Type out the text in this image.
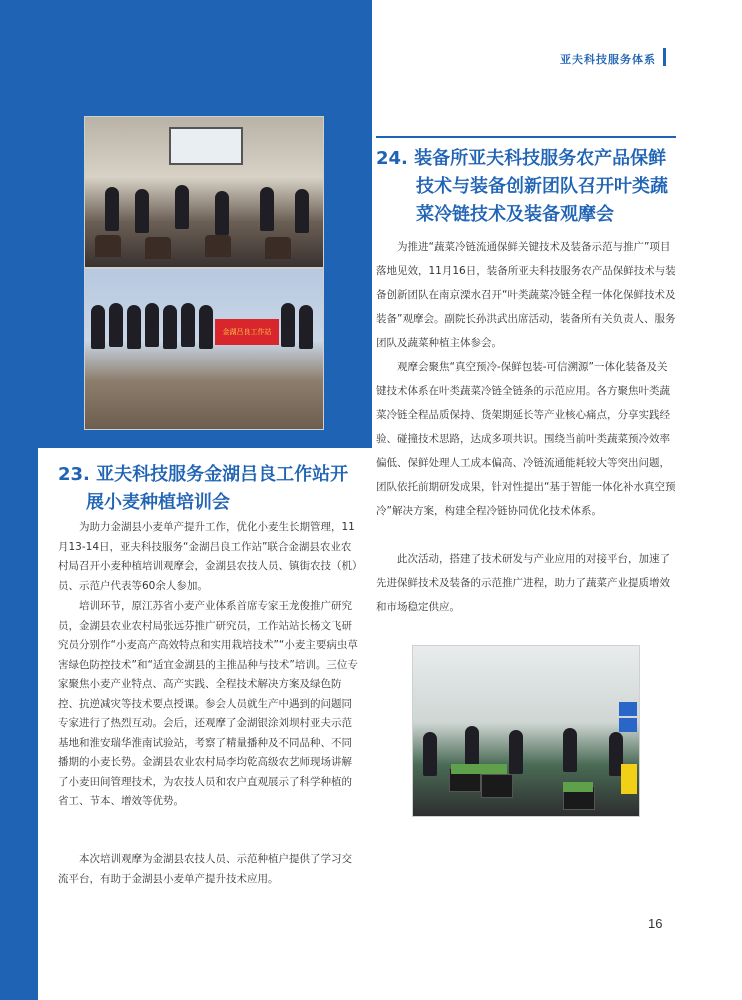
亚夫科技服务体系
金湖吕良工作站
23. 亚夫科技服务金湖吕良工作站开
展小麦种植培训会

为助力金湖县小麦单产提升工作，优化小麦生长期管理，11月13-14日，亚夫科技服务“金湖吕良工作站”联合金湖县农业农村局召开小麦种植培训观摩会，金湖县农技人员、镇街农技（机）员、示范户代表等60余人参加。

培训环节，原江苏省小麦产业体系首席专家王龙俊推广研究员，金湖县农业农村局张远芬推广研究员，工作站站长杨文飞研究员分别作“小麦高产高效特点和实用栽培技术”“小麦主要病虫草害绿色防控技术”和“适宜金湖县的主推品种与技术”培训。三位专家聚焦小麦产业特点、高产实践、全程技术解决方案及绿色防控、抗逆减灾等技术要点授课。参会人员就生产中遇到的问题同专家进行了热烈互动。会后，还观摩了金湖银涂刘坝村亚夫示范基地和淮安瑞华淮南试验站，考察了精量播种及不同品种、不同播期的小麦长势。金湖县农业农村局李均乾高级农艺师现场讲解了小麦田间管理技术，为农技人员和农户直观展示了科学种植的省工、节本、增效等优势。

本次培训观摩为金湖县农技人员、示范种植户提供了学习交流平台，有助于金湖县小麦单产提升技术应用。

24. 装备所亚夫科技服务农产品保鲜
技术与装备创新团队召开叶类蔬
菜冷链技术及装备观摩会

为推进“蔬菜冷链流通保鲜关键技术及装备示范与推广”项目落地见效，11月16日，装备所亚夫科技服务农产品保鲜技术与装备创新团队在南京溧水召开“叶类蔬菜冷链全程一体化保鲜技术及装备”观摩会。副院长孙洪武出席活动，装备所有关负责人、服务团队及蔬菜种植主体参会。

观摩会聚焦“真空预冷-保鲜包装-可信溯源”一体化装备及关键技术体系在叶类蔬菜冷链全链条的示范应用。各方聚焦叶类蔬菜冷链全程品质保持、货架期延长等产业核心痛点，分享实践经验、碰撞技术思路，达成多项共识。围绕当前叶类蔬菜预冷效率偏低、保鲜处理人工成本偏高、冷链流通能耗较大等突出问题，团队依托前期研发成果，针对性提出“基于智能一体化补水真空预冷”解决方案，构建全程冷链协同优化技术体系。

此次活动，搭建了技术研发与产业应用的对接平台，加速了先进保鲜技术及装备的示范推广进程，助力了蔬菜产业提质增效和市场稳定供应。

16
